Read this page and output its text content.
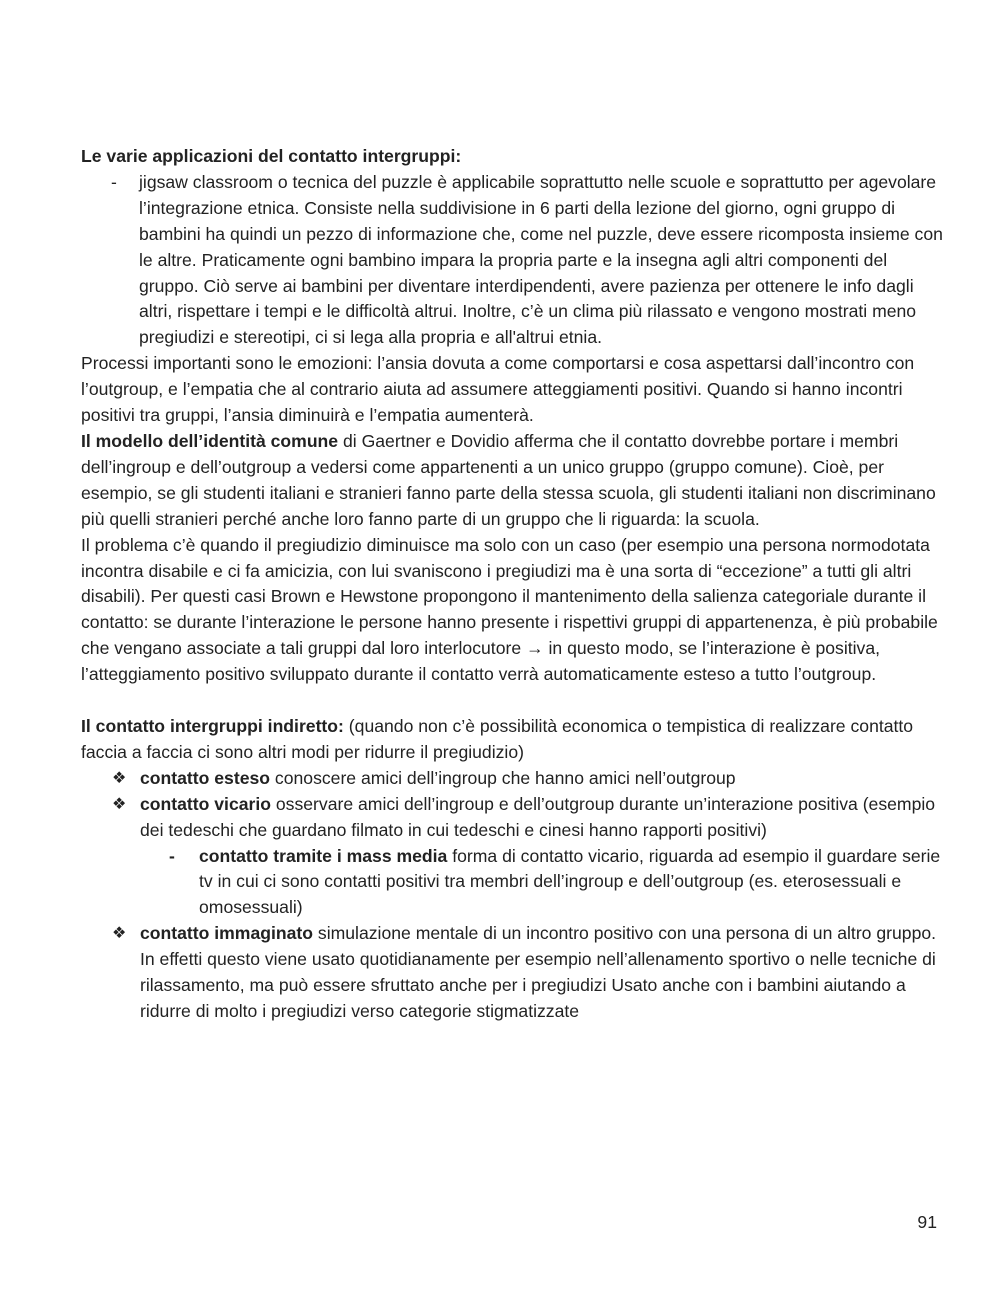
Le varie applicazioni del contatto intergruppi:

- jigsaw classroom o tecnica del puzzle è applicabile soprattutto nelle scuole e soprattutto per agevolare l’integrazione etnica. Consiste nella suddivisione in 6 parti della lezione del giorno, ogni gruppo di bambini ha quindi un pezzo di informazione che, come nel puzzle, deve essere ricomposta insieme con le altre. Praticamente ogni bambino impara la propria parte e la insegna agli altri componenti del gruppo. Ciò serve ai bambini per diventare interdipendenti, avere pazienza per ottenere le info dagli altri, rispettare i tempi e le difficoltà altrui. Inoltre, c’è un clima più rilassato e vengono mostrati meno pregiudizi e stereotipi, ci si lega alla propria e all'altrui etnia.

Processi importanti sono le emozioni: l’ansia dovuta a come comportarsi e cosa aspettarsi dall’incontro con l’outgroup, e l’empatia che al contrario aiuta ad assumere atteggiamenti positivi. Quando si hanno incontri positivi tra gruppi, l’ansia diminuirà e l’empatia aumenterà.

Il modello dell’identità comune di Gaertner e Dovidio afferma che il contatto dovrebbe portare i membri dell’ingroup e dell’outgroup a vedersi come appartenenti a un unico gruppo (gruppo comune). Cioè, per esempio, se gli studenti italiani e stranieri fanno parte della stessa scuola, gli studenti italiani non discriminano più quelli stranieri perché anche loro fanno parte di un gruppo che li riguarda: la scuola.

Il problema c’è quando il pregiudizio diminuisce ma solo con un caso (per esempio una persona normodotata incontra disabile e ci fa amicizia, con lui svaniscono i pregiudizi ma è una sorta di “eccezione” a tutti gli altri disabili). Per questi casi Brown e Hewstone propongono il mantenimento della salienza categoriale durante il contatto: se durante l’interazione le persone hanno presente i rispettivi gruppi di appartenenza, è più probabile che vengano associate a tali gruppi dal loro interlocutore → in questo modo, se l’interazione è positiva, l’atteggiamento positivo sviluppato durante il contatto verrà automaticamente esteso a tutto l’outgroup.

Il contatto intergruppi indiretto: (quando non c’è possibilità economica o tempistica di realizzare contatto faccia a faccia ci sono altri modi per ridurre il pregiudizio)

❖ contatto esteso conoscere amici dell’ingroup che hanno amici nell’outgroup
❖ contatto vicario osservare amici dell’ingroup e dell’outgroup durante un’interazione positiva (esempio dei tedeschi che guardano filmato in cui tedeschi e cinesi hanno rapporti positivi)
- contatto tramite i mass media forma di contatto vicario, riguarda ad esempio il guardare serie tv in cui ci sono contatti positivi tra membri dell’ingroup e dell’outgroup (es. eterosessuali e omosessuali)
❖ contatto immaginato simulazione mentale di un incontro positivo con una persona di un altro gruppo. In effetti questo viene usato quotidianamente per esempio nell’allenamento sportivo o nelle tecniche di rilassamento, ma può essere sfruttato anche per i pregiudizi Usato anche con i bambini aiutando a ridurre di molto i pregiudizi verso categorie stigmatizzate
91
